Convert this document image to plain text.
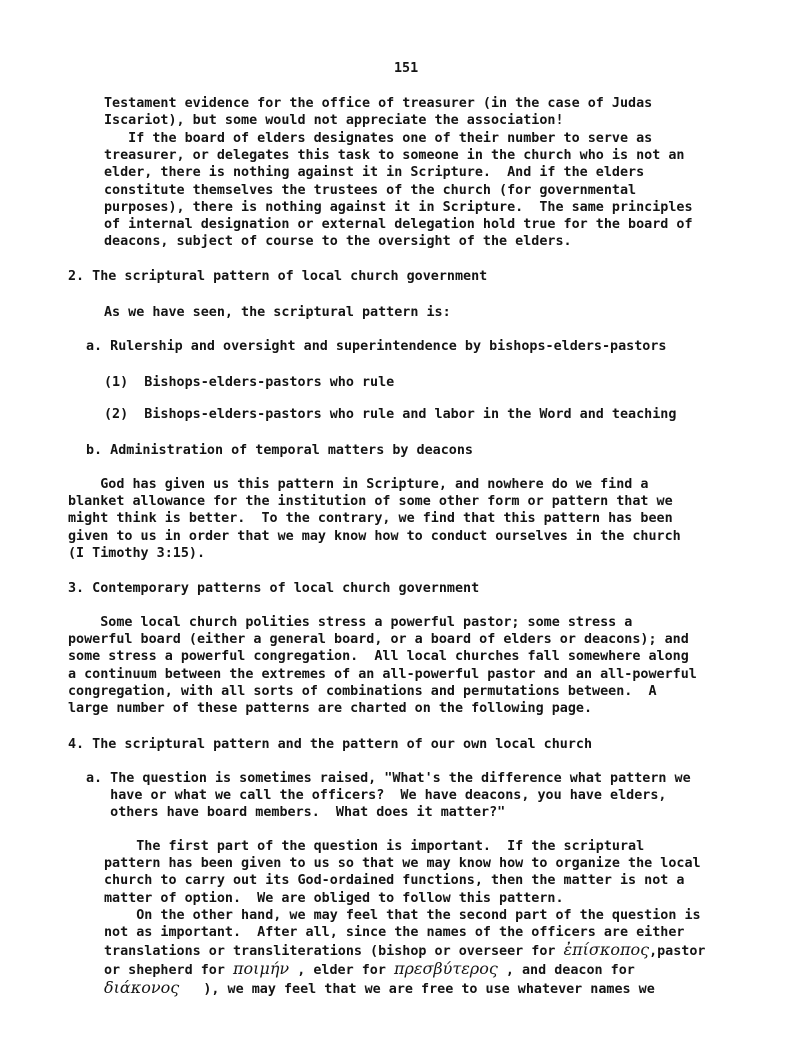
151
Testament evidence for the office of treasurer (in the case of Judas
Iscariot), but some would not appreciate the association!
If the board of elders designates one of their number to serve as
treasurer, or delegates this task to someone in the church who is not an
elder, there is nothing against it in Scripture.  And if the elders
constitute themselves the trustees of the church (for governmental
purposes), there is nothing against it in Scripture.  The same principles
of internal designation or external delegation hold true for the board of
deacons, subject of course to the oversight of the elders.
2. The scriptural pattern of local church government
As we have seen, the scriptural pattern is:
a. Rulership and oversight and superintendence by bishops-elders-pastors
(1)  Bishops-elders-pastors who rule
(2)  Bishops-elders-pastors who rule and labor in the Word and teaching
b. Administration of temporal matters by deacons
God has given us this pattern in Scripture, and nowhere do we find a
blanket allowance for the institution of some other form or pattern that we
might think is better.  To the contrary, we find that this pattern has been
given to us in order that we may know how to conduct ourselves in the church
(I Timothy 3:15).
3. Contemporary patterns of local church government
Some local church polities stress a powerful pastor; some stress a
powerful board (either a general board, or a board of elders or deacons); and
some stress a powerful congregation.  All local churches fall somewhere along
a continuum between the extremes of an all-powerful pastor and an all-powerful
congregation, with all sorts of combinations and permutations between.  A
large number of these patterns are charted on the following page.
4. The scriptural pattern and the pattern of our own local church
a. The question is sometimes raised, "What's the difference what pattern we
have or what we call the officers?  We have deacons, you have elders,
others have board members.  What does it matter?"
The first part of the question is important.  If the scriptural
pattern has been given to us so that we may know how to organize the local
church to carry out its God-ordained functions, then the matter is not a
matter of option.  We are obliged to follow this pattern.
On the other hand, we may feel that the second part of the question is
not as important.  After all, since the names of the officers are either
translations or transliterations (bishop or overseer for ἐπίσκοπος,pastor
or shepherd for ποιμήν , elder for πρεσβύτερος , and deacon for
διάκονος   ), we may feel that we are free to use whatever names we
